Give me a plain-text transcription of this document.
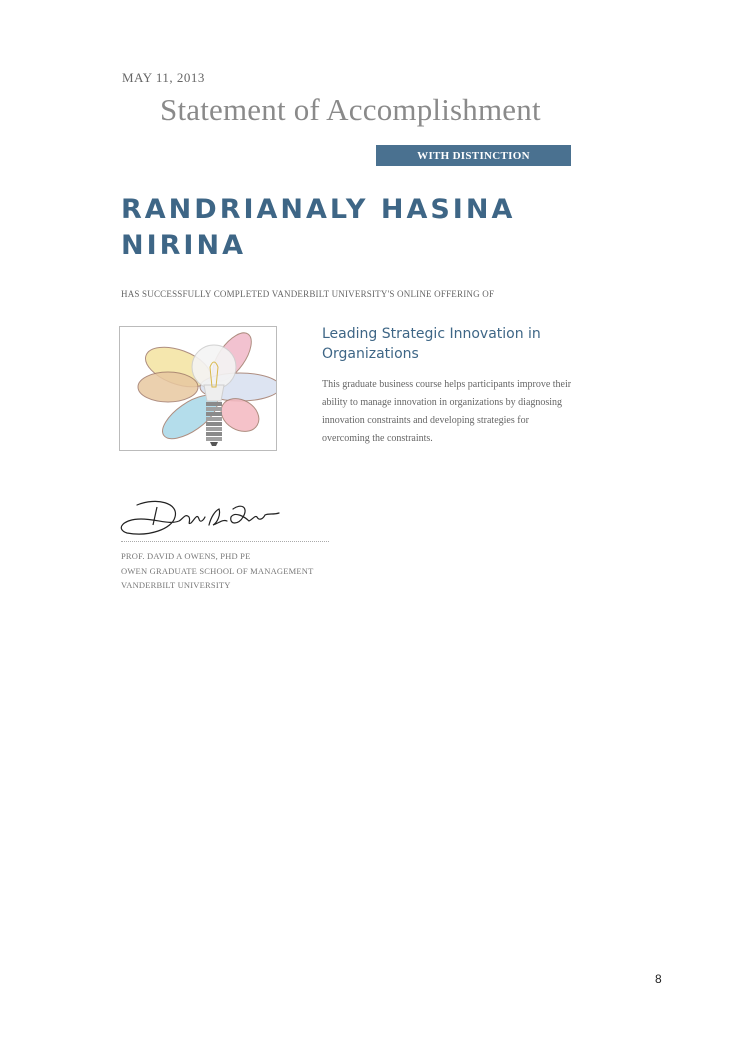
MAY 11, 2013
Statement of Accomplishment
WITH DISTINCTION
RANDRIANALY HASINA
NIRINA
HAS SUCCESSFULLY COMPLETED VANDERBILT UNIVERSITY'S ONLINE OFFERING OF
Leading Strategic Innovation in Organizations
This graduate business course helps participants improve their ability to manage innovation in organizations by diagnosing innovation constraints and developing strategies for overcoming the constraints.
PROF. DAVID A OWENS, PHD PE
OWEN GRADUATE SCHOOL OF MANAGEMENT
VANDERBILT UNIVERSITY
8
